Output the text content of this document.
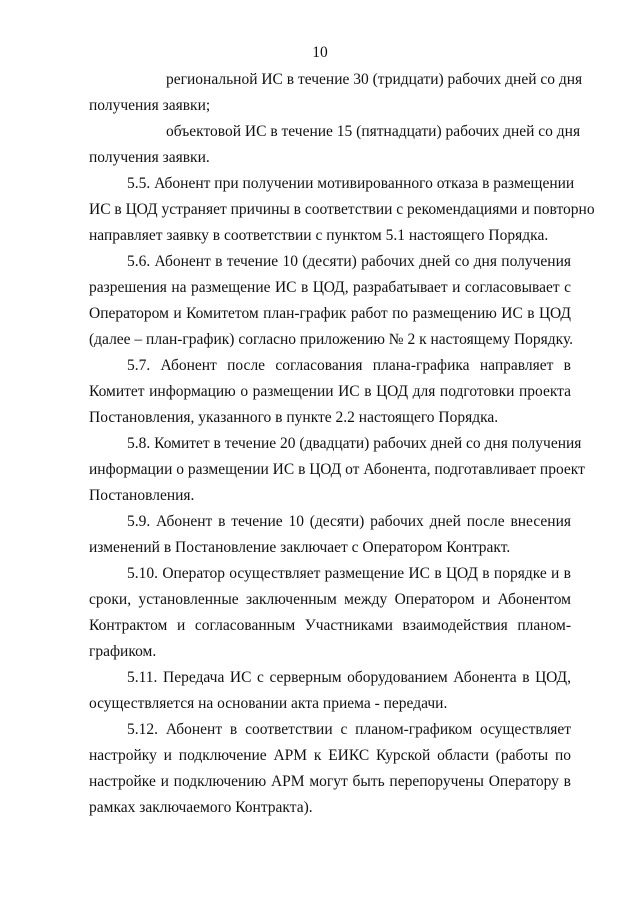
10
региональной ИС в течение 30 (тридцати) рабочих дней со дня
получения заявки;
объектовой ИС в течение 15 (пятнадцати) рабочих дней со дня
получения заявки.
5.5. Абонент при получении мотивированного отказа в размещении
ИС в ЦОД устраняет причины в соответствии с рекомендациями и повторно
направляет заявку в соответствии с пунктом 5.1 настоящего Порядка.
5.6. Абонент в течение 10 (десяти) рабочих дней со дня получения
разрешения на размещение ИС в ЦОД, разрабатывает и согласовывает с
Оператором и Комитетом план-график работ по размещению ИС в ЦОД
(далее – план-график) согласно приложению № 2 к настоящему Порядку.
5.7. Абонент после согласования плана-графика направляет в
Комитет информацию о размещении ИС в ЦОД для подготовки проекта
Постановления, указанного в пункте 2.2 настоящего Порядка.
5.8. Комитет в течение 20 (двадцати) рабочих дней со дня получения
информации о размещении ИС в ЦОД от Абонента, подготавливает проект
Постановления.
5.9. Абонент в течение 10 (десяти) рабочих дней после внесения
изменений в Постановление заключает с Оператором Контракт.
5.10. Оператор осуществляет размещение ИС в ЦОД в порядке и в
сроки, установленные заключенным между Оператором и Абонентом
Контрактом и согласованным Участниками взаимодействия планом-
графиком.
5.11. Передача ИС с серверным оборудованием Абонента в ЦОД,
осуществляется на основании акта приема - передачи.
5.12. Абонент в соответствии с планом-графиком осуществляет
настройку и подключение АРМ к ЕИКС Курской области (работы по
настройке и подключению АРМ могут быть перепоручены Оператору в
рамках заключаемого Контракта).
